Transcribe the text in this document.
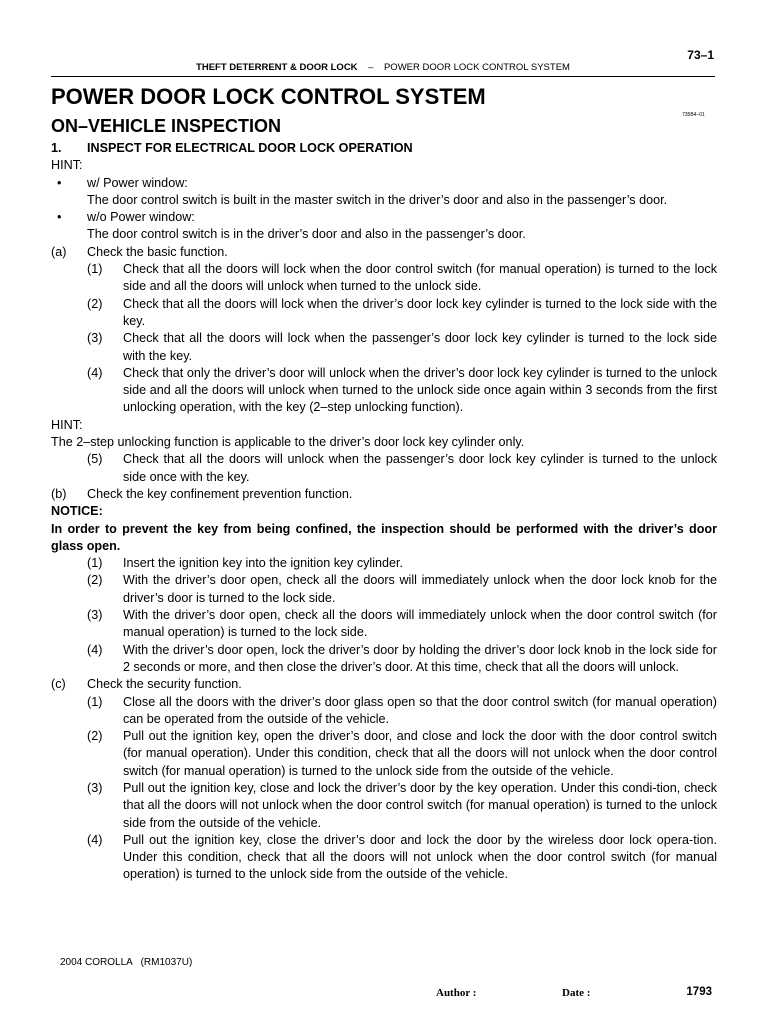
73–1
THEFT DETERRENT & DOOR LOCK – POWER DOOR LOCK CONTROL SYSTEM
POWER DOOR LOCK CONTROL SYSTEM
ON–VEHICLE INSPECTION
735B4–01
1.	INSPECT FOR ELECTRICAL DOOR LOCK OPERATION
HINT:
•	w/ Power window:
The door control switch is built in the master switch in the driver’s door and also in the passenger’s door.
•	w/o Power window:
The door control switch is in the driver’s door and also in the passenger’s door.
(a)	Check the basic function.
(1)	Check that all the doors will lock when the door control switch (for manual operation) is turned to the lock side and all the doors will unlock when turned to the unlock side.
(2)	Check that all the doors will lock when the driver’s door lock key cylinder is turned to the lock side with the key.
(3)	Check that all the doors will lock when the passenger’s door lock key cylinder is turned to the lock side with the key.
(4)	Check that only the driver’s door will unlock when the driver’s door lock key cylinder is turned to the unlock side and all the doors will unlock when turned to the unlock side once again within 3 seconds from the first unlocking operation, with the key (2–step unlocking function).
HINT:
The 2–step unlocking function is applicable to the driver’s door lock key cylinder only.
(5)	Check that all the doors will unlock when the passenger’s door lock key cylinder is turned to the unlock side once with the key.
(b)	Check the key confinement prevention function.
NOTICE:
In order to prevent the key from being confined, the inspection should be performed with the driver’s door glass open.
(1)	Insert the ignition key into the ignition key cylinder.
(2)	With the driver’s door open, check all the doors will immediately unlock when the door lock knob for the driver’s door is turned to the lock side.
(3)	With the driver’s door open, check all the doors will immediately unlock when the door control switch (for manual operation) is turned to the lock side.
(4)	With the driver’s door open, lock the driver’s door by holding the driver’s door lock knob in the lock side for 2 seconds or more, and then close the driver’s door. At this time, check that all the doors will unlock.
(c)	Check the security function.
(1)	Close all the doors with the driver’s door glass open so that the door control switch (for manual operation) can be operated from the outside of the vehicle.
(2)	Pull out the ignition key, open the driver’s door, and close and lock the door with the door control switch (for manual operation). Under this condition, check that all the doors will not unlock when the door control switch (for manual operation) is turned to the unlock side from the outside of the vehicle.
(3)	Pull out the ignition key, close and lock the driver’s door by the key operation. Under this condi-tion, check that all the doors will not unlock when the door control switch (for manual operation) is turned to the unlock side from the outside of the vehicle.
(4)	Pull out the ignition key, close the driver’s door and lock the door by the wireless door lock opera-tion. Under this condition, check that all the doors will not unlock when the door control switch (for manual operation) is turned to the unlock side from the outside of the vehicle.
2004 COROLLA   (RM1037U)
Author :	Date :	1793
